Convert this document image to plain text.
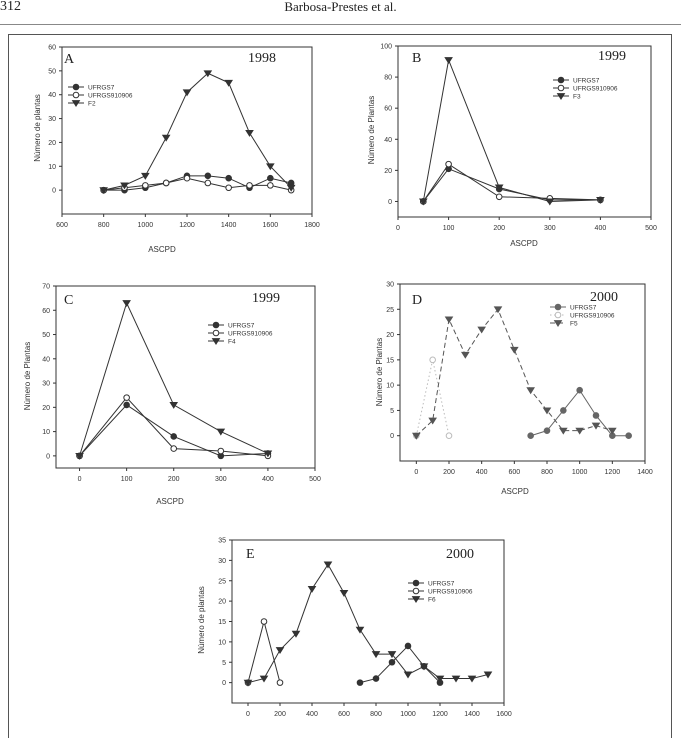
312	Barbosa-Prestes et al.
600	800	1000	1200	1400	1600	1800
0
10
20
30
40
50
60
A	1998
ASCPD
Número de plantas
UFRGS7
UFRGS910906
F2
0	100	200	300	400	500
0
20
40
60
80
100
B	1999
ASCPD
Número de Plantas
UFRGS7
UFRGS910906
F3
0	100	200	300	400	500
0
10
20
30
40
50
60
70
C	1999
ASCPD
Número de Plantas
UFRGS7
UFRGS910906
F4
0	200	400	600	800	1000 1200 1400
0
5
10
15
20
25
30
D	2000
ASCPD
Número de Plantas
UFRGS7
UFRGS910906
F5
0	200	400	600	800	1000 1200 1400 1600
0
5
10
15
20
25
30
35
E	2000
Número de plantas
UFRGS7
UFRGS910906
F6
